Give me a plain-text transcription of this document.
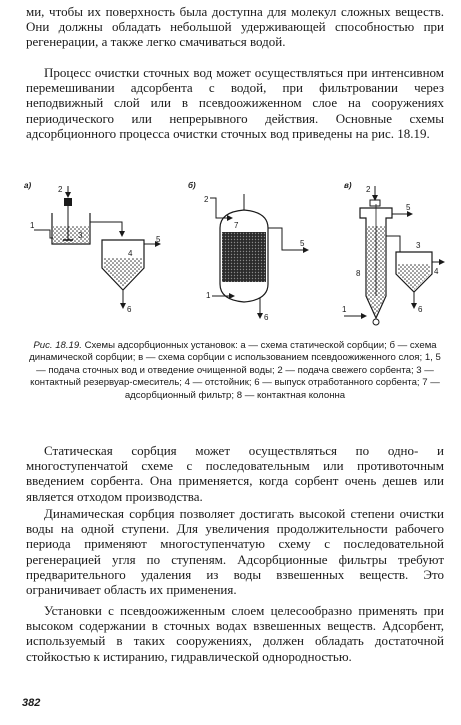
ми, чтобы их поверхность была доступна для молекул сложных веществ. Они должны обладать небольшой удерживающей способностью при регенерации, а также легко смачиваться водой.

Процесс очистки сточных вод может осуществляться при интенсивном перемешивании адсорбента с водой, при фильтровании через неподвижный слой или в псевдоожиженном слое на сооружениях периодического или непрерывного действия. Основные схемы адсорбционного процесса очистки сточных вод приведены на рис. 18.19.

а)
1
2
3
4
5
6
б)
2
7
5
1
6
в) 2
5
8
3
4
6
1

Рис. 18.19. Схемы адсорбционных установок: а — схема статической сорбции; б — схема динамической сорбции; в — схема сорбции с использованием псевдоожиженного слоя; 1, 5 — подача сточных вод и отведение очищенной воды; 2 — подача свежего сорбента; 3 — контактный резервуар-смеситель; 4 — отстойник; 6 — выпуск отработанного сорбента; 7 — адсорбционный фильтр; 8 — контактная колонна

Статическая сорбция может осуществляться по одно- и многоступенчатой схеме с последовательным или противоточным введением сорбента. Она применяется, когда сорбент очень дешев или является отходом производства.

Динамическая сорбция позволяет достигать высокой степени очистки воды на одной ступени. Для увеличения продолжительности рабочего периода применяют многоступенчатую схему с последовательной регенерацией угля по ступеням. Адсорбционные фильтры требуют предварительного удаления из воды взвешенных веществ. Это ограничивает область их применения.

Установки с псевдоожиженным слоем целесообразно применять при высоком содержании в сточных водах взвешенных веществ. Адсорбент, используемый в таких сооружениях, должен обладать достаточной стойкостью к истиранию, гидравлической однородностью.

382
